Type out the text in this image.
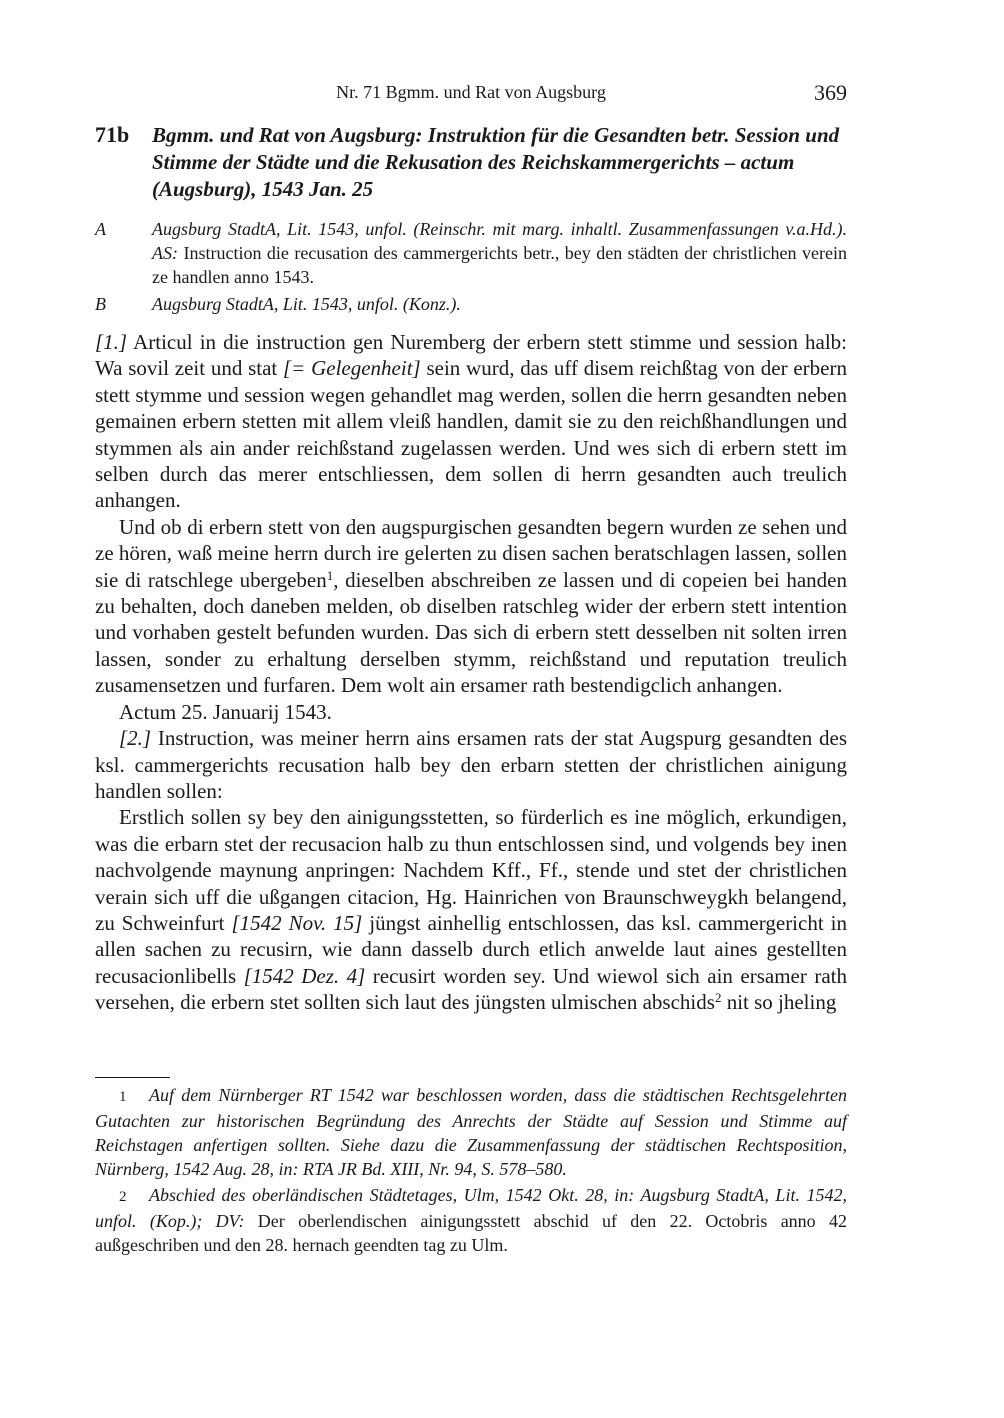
Nr. 71 Bgmm. und Rat von Augsburg	369
71b Bgmm. und Rat von Augsburg: Instruktion für die Gesandten betr. Session und Stimme der Städte und die Rekusation des Reichskammergerichts – actum (Augsburg), 1543 Jan. 25
A	Augsburg StadtA, Lit. 1543, unfol. (Reinschr. mit marg. inhaltl. Zusammenfassungen v.a.Hd.). AS: Instruction die recusation des cammergerichts betr., bey den städten der christlichen verein ze handlen anno 1543.
B	Augsburg StadtA, Lit. 1543, unfol. (Konz.).

[1.] Articul in die instruction gen Nuremberg der erbern stett stimme und session halb: Wa sovil zeit und stat [= Gelegenheit] sein wurd, das uff disem reichßtag von der erbern stett stymme und session wegen gehandlet mag werden, sollen die herrn gesandten neben gemainen erbern stetten mit allem vleiß handlen, damit sie zu den reichßhandlungen und stymmen als ain ander reichßstand zugelassen werden. Und wes sich di erbern stett im selben durch das merer entschliessen, dem sollen di herrn gesandten auch treulich anhangen.

Und ob di erbern stett von den augspurgischen gesandten begern wurden ze sehen und ze hören, waß meine herrn durch ire gelerten zu disen sachen beratschlagen lassen, sollen sie di ratschlege ubergeben$^1$, dieselben abschreiben ze lassen und di copeien bei handen zu behalten, doch daneben melden, ob diselben ratschleg wider der erbern stett intention und vorhaben gestelt befunden wurden. Das sich di erbern stett desselben nit solten irren lassen, sonder zu erhaltung derselben stymm, reichßstand und reputation treulich zusamensetzen und furfaren. Dem wolt ain ersamer rath bestendigclich anhangen.

Actum 25. Januarij 1543.

[2.] Instruction, was meiner herrn ains ersamen rats der stat Augspurg gesandten des ksl. cammergerichts recusation halb bey den erbarn stetten der christlichen ainigung handlen sollen:

Erstlich sollen sy bey den ainigungsstetten, so fürderlich es ine möglich, erkundigen, was die erbarn stet der recusacion halb zu thun entschlossen sind, und volgends bey inen nachvolgende maynung anpringen: Nachdem Kff., Ff., stende und stet der christlichen verain sich uff die ußgangen citacion, Hg. Hainrichen von Braunschweygkh belangend, zu Schweinfurt [1542 Nov. 15] jüngst ainhellig entschlossen, das ksl. cammergericht in allen sachen zu recusirn, wie dann dasselb durch etlich anwelde laut aines gestellten recusacionlibells [1542 Dez. 4] recusirt worden sey. Und wiewol sich ain ersamer rath versehen, die erbern stet sollten sich laut des jüngsten ulmischen abschids$^2$ nit so jheling

1 Auf dem Nürnberger RT 1542 war beschlossen worden, dass die städtischen Rechtsgelehrten Gutachten zur historischen Begründung des Anrechts der Städte auf Session und Stimme auf Reichstagen anfertigen sollten. Siehe dazu die Zusammenfassung der städtischen Rechtsposition, Nürnberg, 1542 Aug. 28, in: RTA JR Bd. XIII, Nr. 94, S. 578–580.

2 Abschied des oberländischen Städtetages, Ulm, 1542 Okt. 28, in: Augsburg StadtA, Lit. 1542, unfol. (Kop.); DV: Der oberlendischen ainigungsstett abschid uf den 22. Octobris anno 42 außgeschriben und den 28. hernach geendten tag zu Ulm.
